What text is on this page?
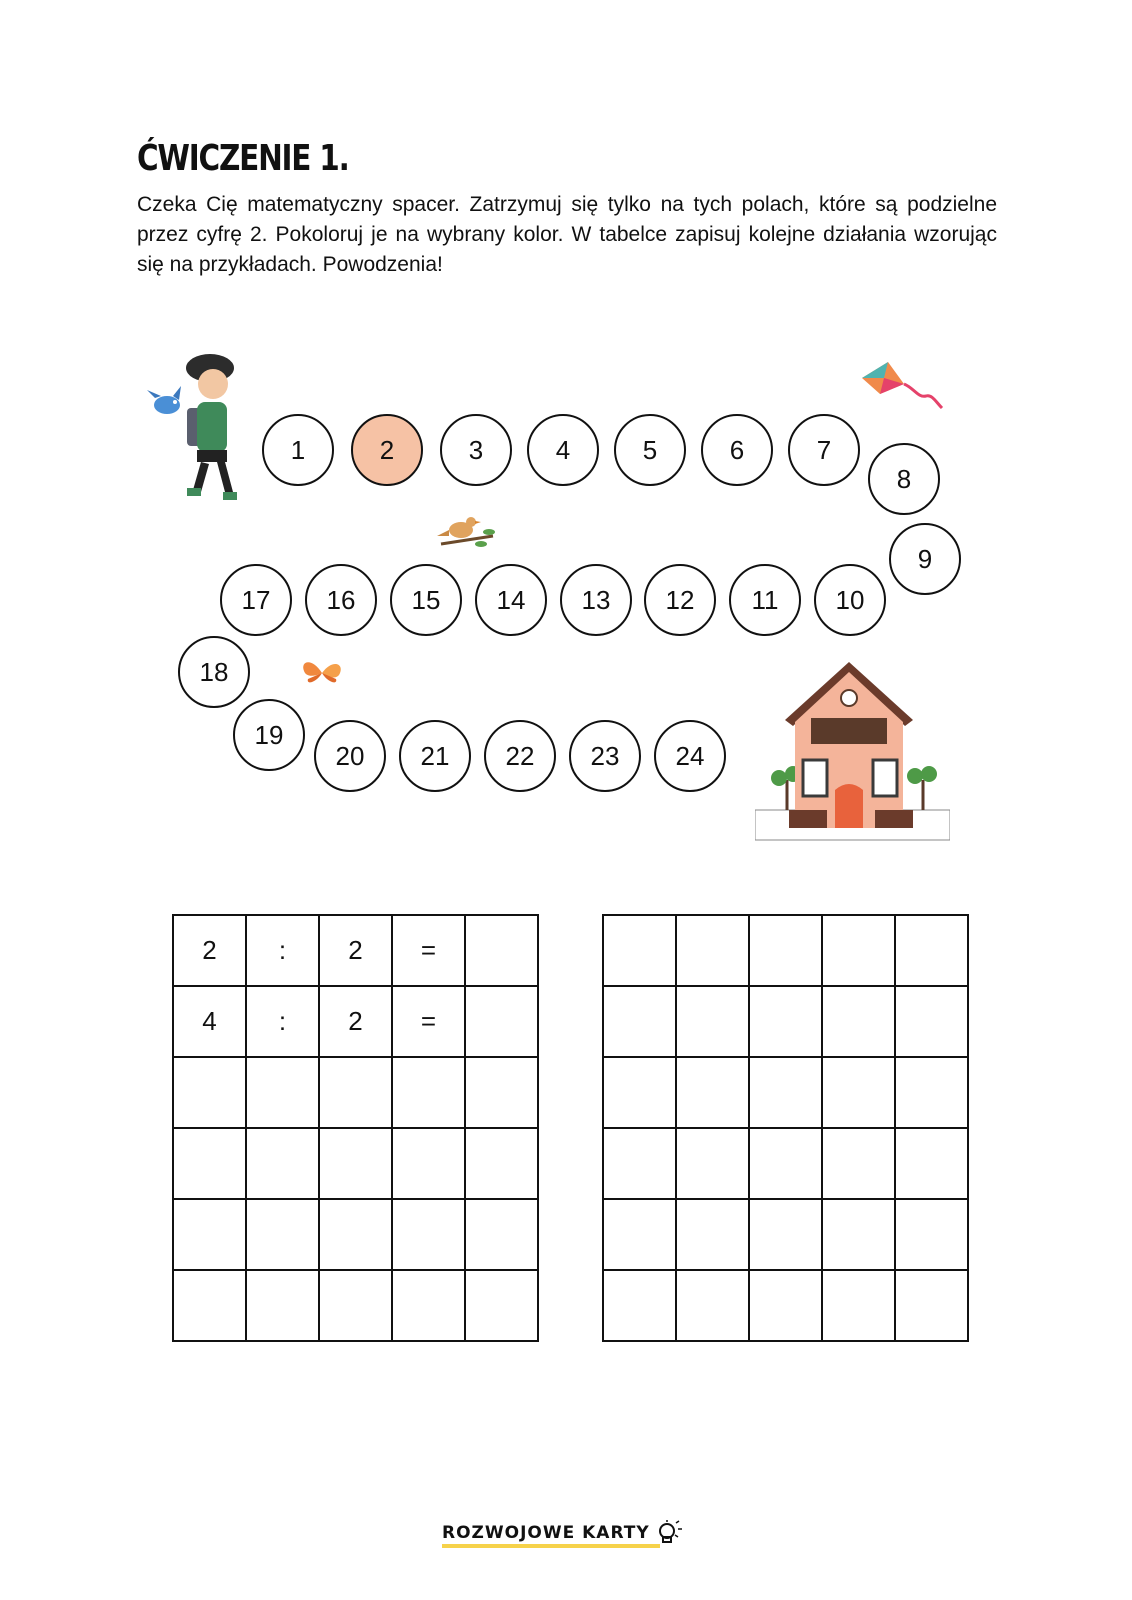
ĆWICZENIE 1.
Czeka Cię matematyczny spacer. Zatrzymuj się tylko na tych polach, które są podzielne przez cyfrę 2. Pokoloruj je na wybrany kolor. W tabelce zapisuj kolejne działania wzorując się na przykładach. Powodzenia!
1	2	3	4	5	6	7
8
9
10
11
12
13
14
15
16
17
18
19
20	21	22	23	24
2	:	2	=	
4	:	2	=	

ROZWOJOWE KARTY
